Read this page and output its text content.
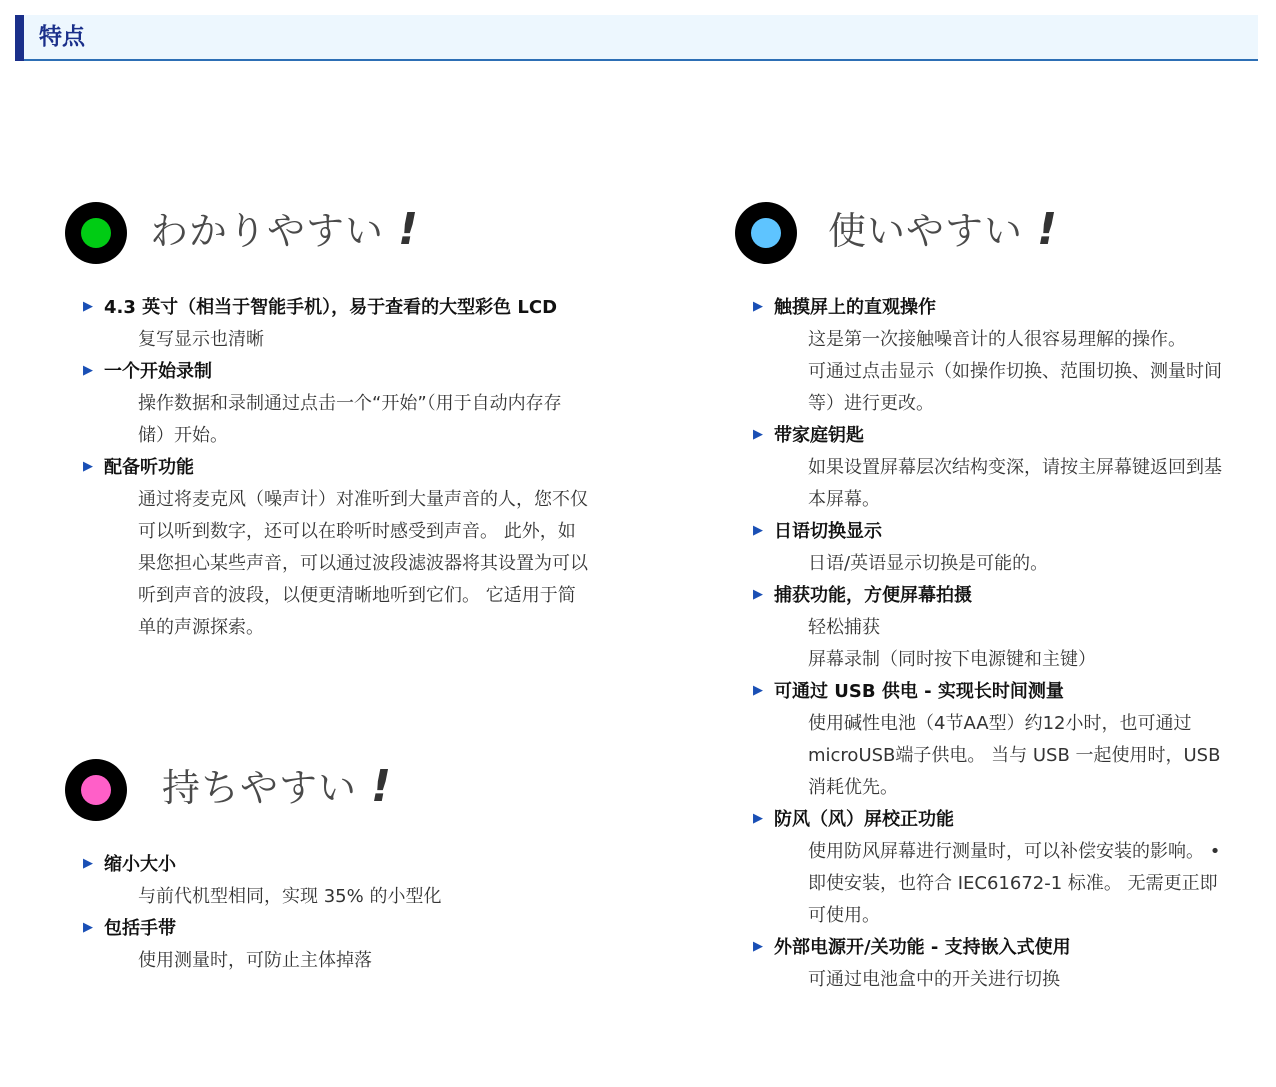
特点
わかりやすい !
▶ 4.3 英寸（相当于智能手机），易于查看的大型彩色 LCD
复写显示也清晰
▶ 一个开始录制
操作数据和录制通过点击一个“开始”（用于自动内存存
储）开始。
▶ 配备听功能
通过将麦克风（噪声计）对准听到大量声音的人，您不仅
可以听到数字，还可以在聆听时感受到声音。 此外，如
果您担心某些声音，可以通过波段滤波器将其设置为可以
听到声音的波段，以便更清晰地听到它们。 它适用于简
单的声源探索。
持ちやすい !
▶ 缩小大小
与前代机型相同，实现 35% 的小型化
▶ 包括手带
使用测量时，可防止主体掉落
使いやすい !
▶ 触摸屏上的直观操作
这是第一次接触噪音计的人很容易理解的操作。
可通过点击显示（如操作切换、范围切换、测量时间
等）进行更改。
▶ 带家庭钥匙
如果设置屏幕层次结构变深，请按主屏幕键返回到基
本屏幕。
▶ 日语切换显示
日语/英语显示切换是可能的。
▶ 捕获功能，方便屏幕拍摄
轻松捕获
屏幕录制（同时按下电源键和主键）
▶ 可通过 USB 供电 - 实现长时间测量
使用碱性电池（4节AA型）约12小时，也可通过
microUSB端子供电。 当与 USB 一起使用时，USB
消耗优先。
▶ 防风（风）屏校正功能
使用防风屏幕进行测量时，可以补偿安装的影响。 •
即使安装，也符合 IEC61672-1 标准。 无需更正即
可使用。
▶ 外部电源开/关功能 - 支持嵌入式使用
可通过电池盒中的开关进行切换
